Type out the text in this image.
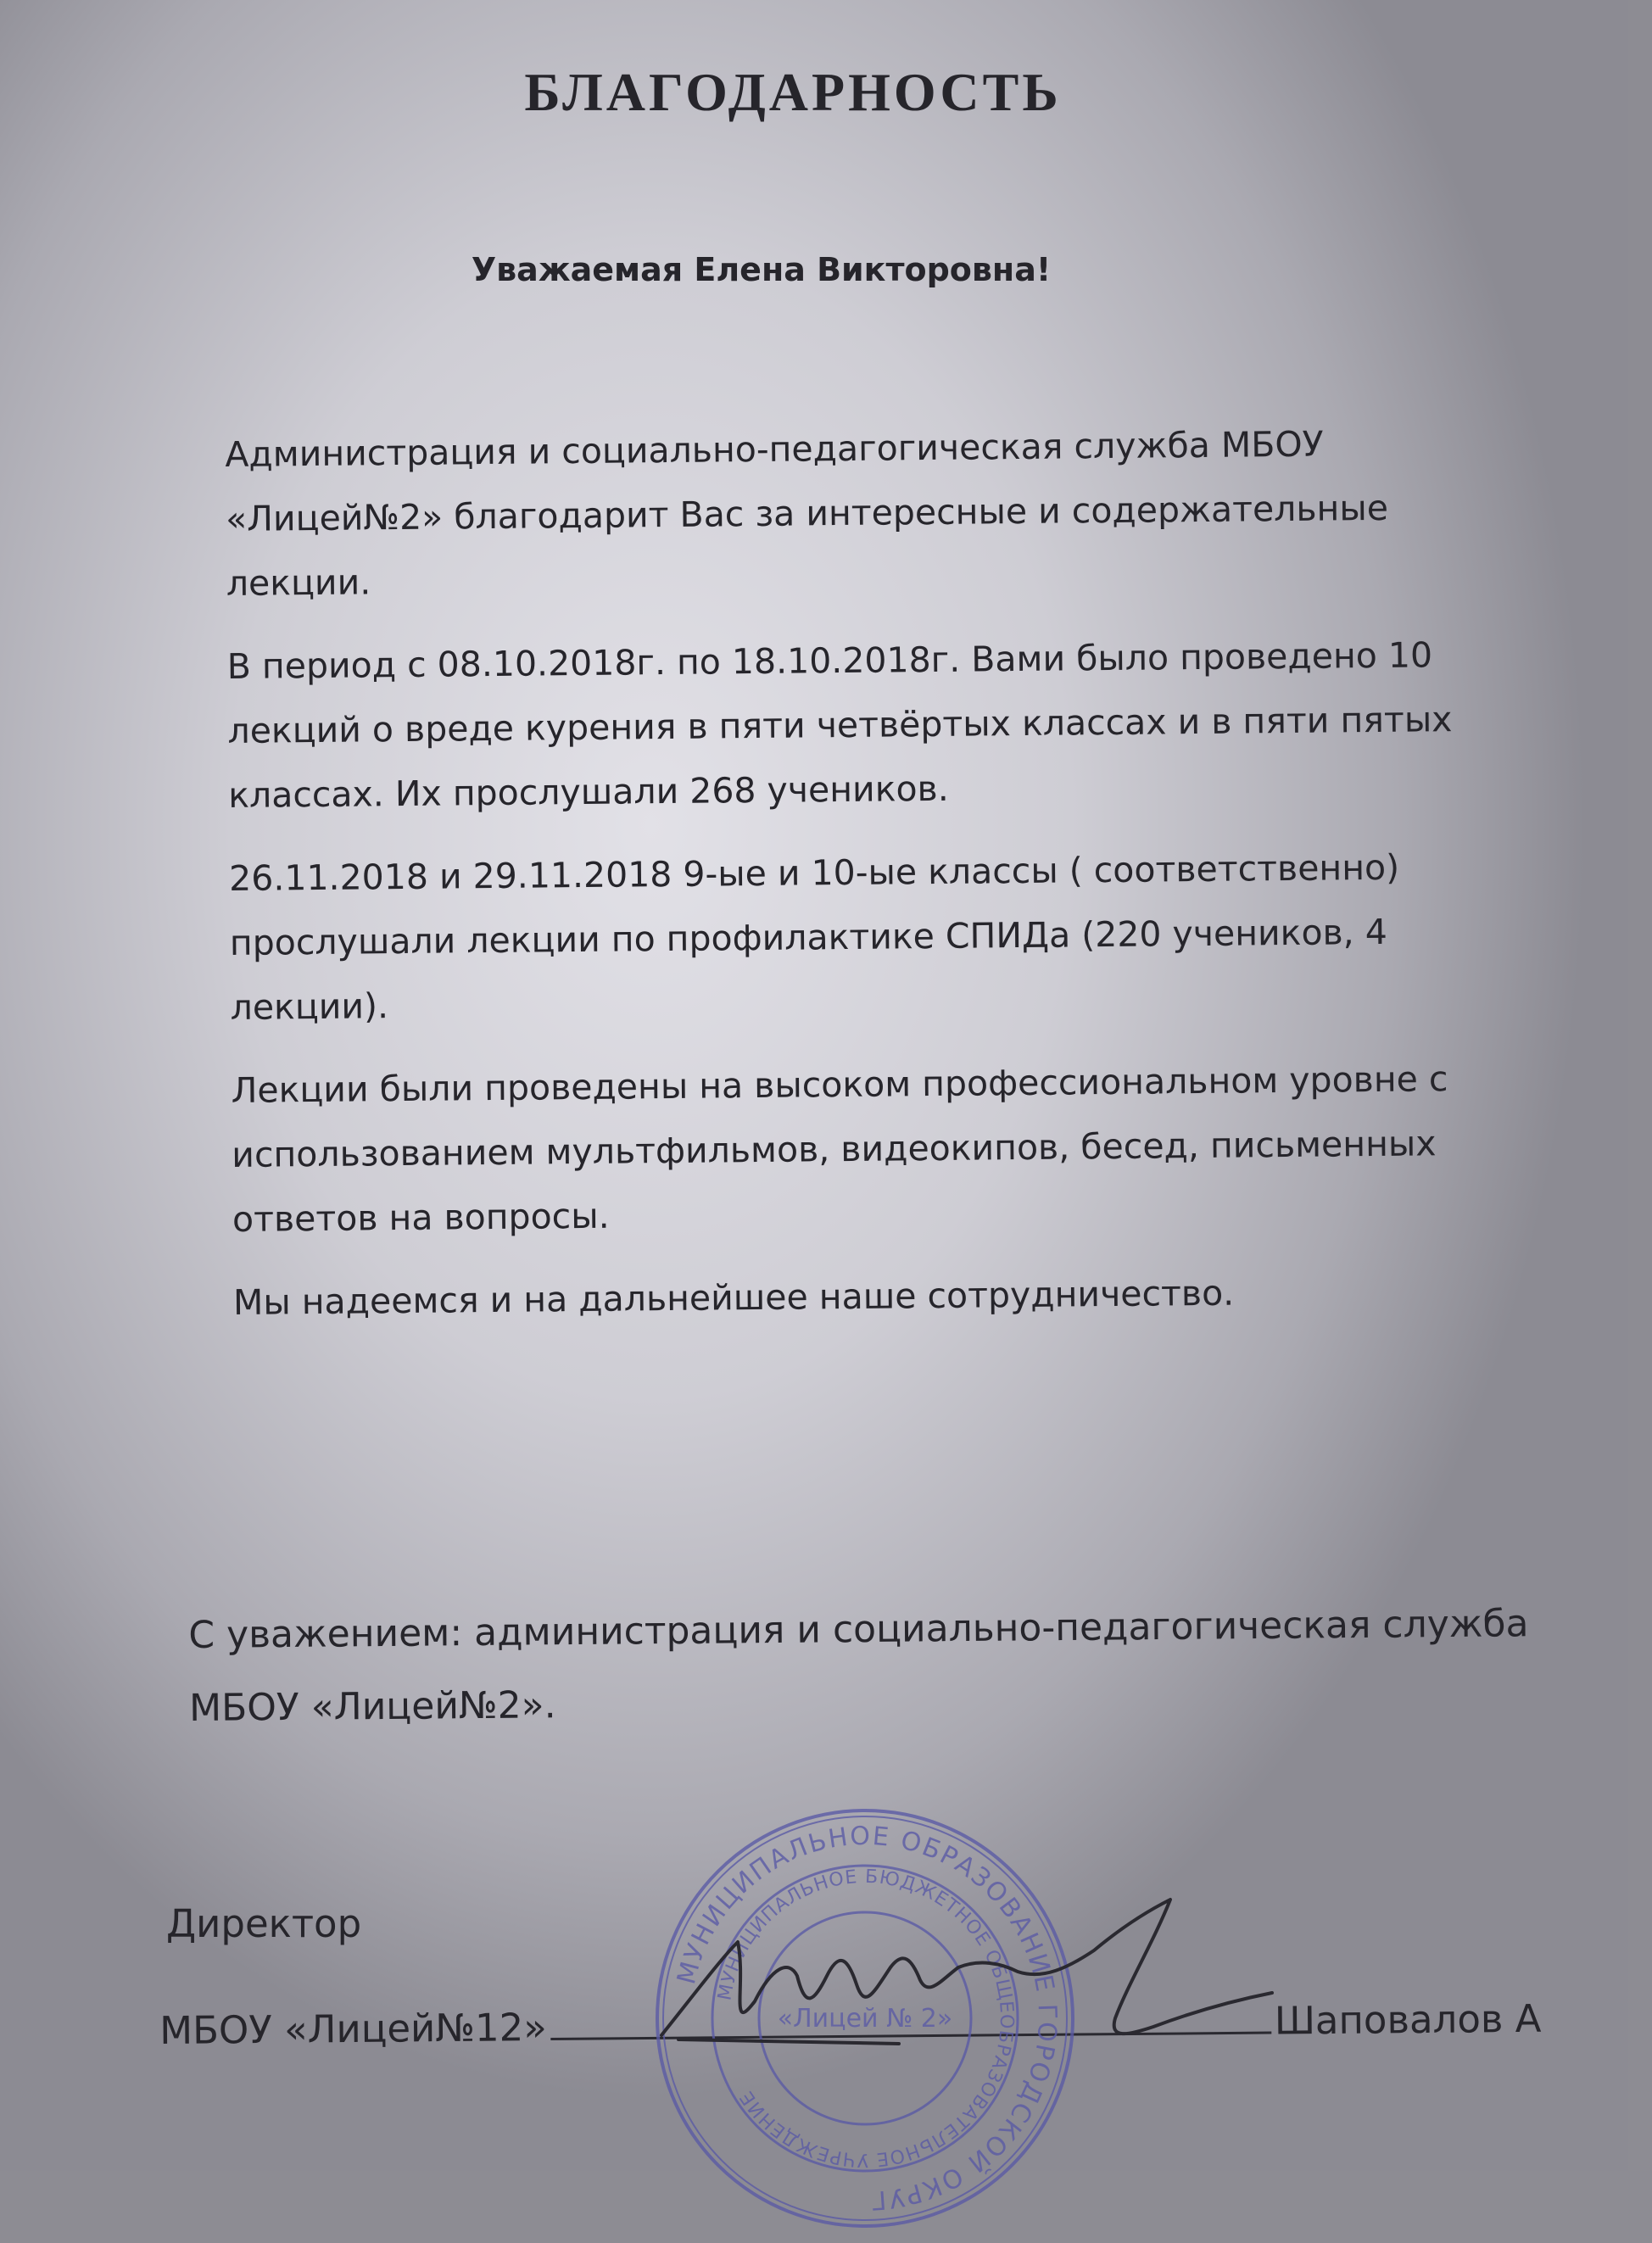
БЛАГОДАРНОСТЬ

Уважаемая Елена Викторовна!

Администрация и социально-педагогическая служба МБОУ «Лицей№2» благодарит Вас за интересные и содержательные лекции.

В период с 08.10.2018г. по 18.10.2018г. Вами было проведено 10 лекций о вреде курения в пяти четвёртых классах и в пяти пятых классах. Их прослушали 268 учеников.

26.11.2018 и 29.11.2018 9-ые и 10-ые классы ( соответственно) прослушали лекции по профилактике СПИДа (220 учеников, 4 лекции).

Лекции были проведены на высоком профессиональном уровне с использованием мультфильмов, видеокипов, бесед, письменных ответов на вопросы.

Мы надеемся и на дальнейшее наше сотрудничество.

С уважением: администрация и социально-педагогическая служба МБОУ «Лицей№2».

Директор

МБОУ «Лицей№12»	Шаповалов А
МУНИЦИПАЛЬНОЕ ОБРАЗОВАНИЕ ГОРОДСКОЙ ОКРУГ
МУНИЦИПАЛЬНОЕ БЮДЖЕТНОЕ ОБЩЕОБРАЗОВАТЕЛЬНОЕ УЧРЕЖДЕНИЕ
«Лицей № 2»
